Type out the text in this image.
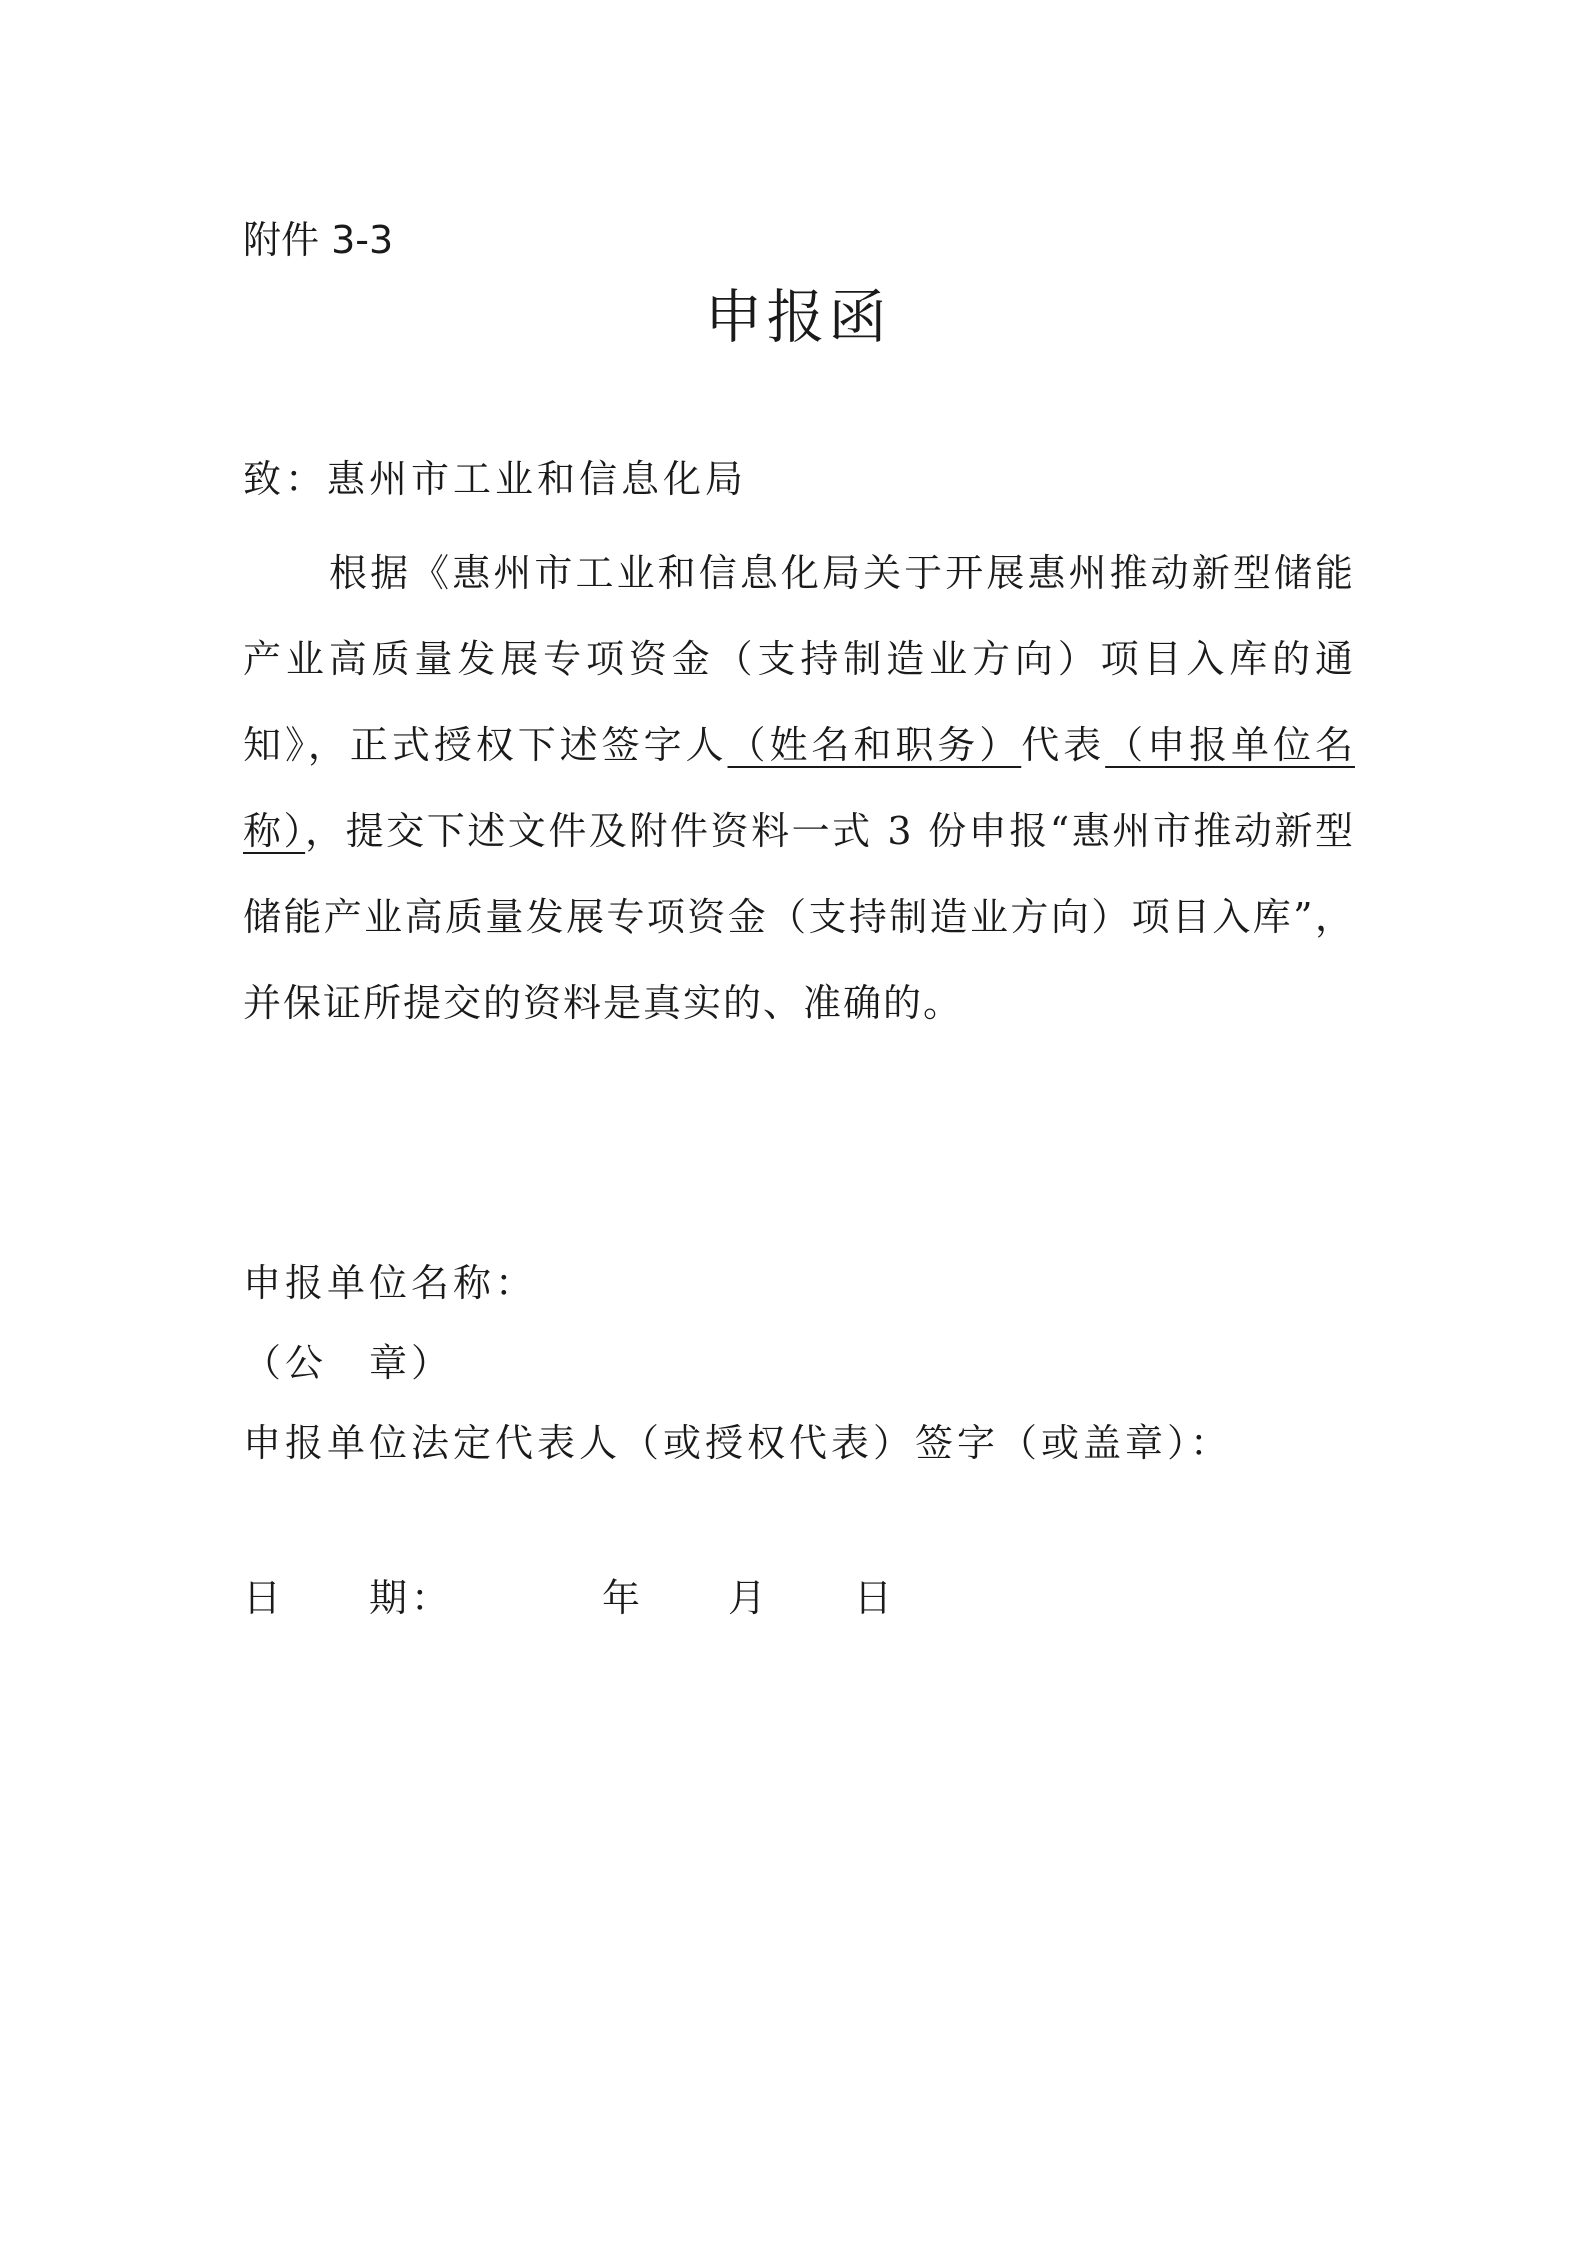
附件 3-3
申报函
致：惠州市工业和信息化局
根据《惠州市工业和信息化局关于开展惠州推动新型储能产业高质量发展专项资金（支持制造业方向）项目入库的通知》，正式授权下述签字人（姓名和职务）代表（申报单位名称），提交下述文件及附件资料一式 3 份申报“惠州市推动新型储能产业高质量发展专项资金（支持制造业方向）项目入库”，并保证所提交的资料是真实的、准确的。
申报单位名称：
（公　章）
申报单位法定代表人（或授权代表）签字（或盖章）：
日　　期：　　　　年　　月　　日
